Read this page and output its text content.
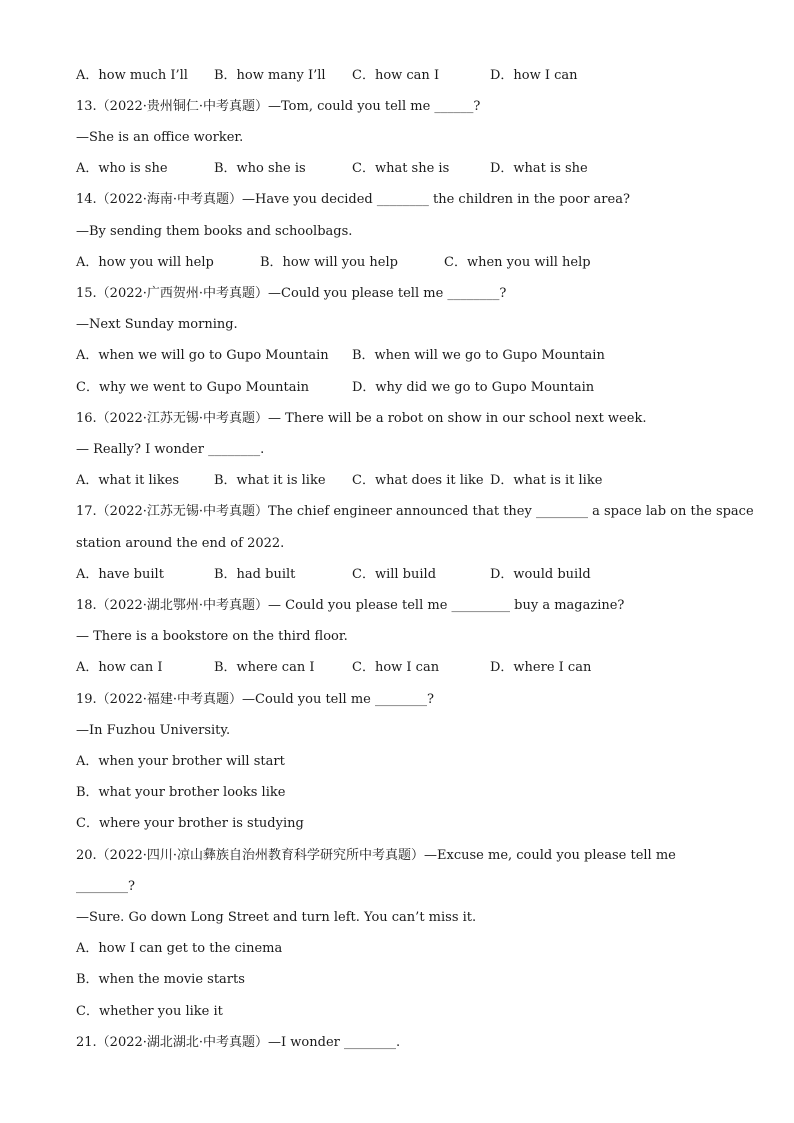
A．how much I’ll B．how many I’ll C．how can I	D．how I can
13.（2022·贵州铜仁·中考真题）—Tom, could you tell me ______?
—She is an office worker.
A．who is she	B．who she is	C．what she is	D．what is she
14.（2022·海南·中考真题）—Have you decided ________ the children in the poor area?
—By sending them books and schoolbags.
A．how you will help	B．how will you help	C．when you will help
15.（2022·广西贺州·中考真题）—Could you please tell me ________?
—Next Sunday morning.
A．when we will go to Gupo Mountain B．when will we go to Gupo Mountain
C．why we went to Gupo Mountain	D．why did we go to Gupo Mountain
16.（2022·江苏无锡·中考真题）— There will be a robot on show in our school next week.
— Really? I wonder ________.
A．what it likes	B．what it is like C．what does it like D．what is it like
17.（2022·江苏无锡·中考真题）The chief engineer announced that they ________ a space lab on the space
station around the end of 2022.
A．have built	B．had built	C．will build	D．would build
18.（2022·湖北鄂州·中考真题）— Could you please tell me _________ buy a magazine?
— There is a bookstore on the third floor.
A．how can I	B．where can I	C．how I can	D．where I can
19.（2022·福建·中考真题）—Could you tell me ________?
—In Fuzhou University.
A．when your brother will start
B．what your brother looks like
C．where your brother is studying
20.（2022·四川·凉山彝族自治州教育科学研究所中考真题）—Excuse me, could you please tell me
________?
—Sure. Go down Long Street and turn left. You can’t miss it.
A．how I can get to the cinema
B．when the movie starts
C．whether you like it
21.（2022·湖北湖北·中考真题）—I wonder ________.
